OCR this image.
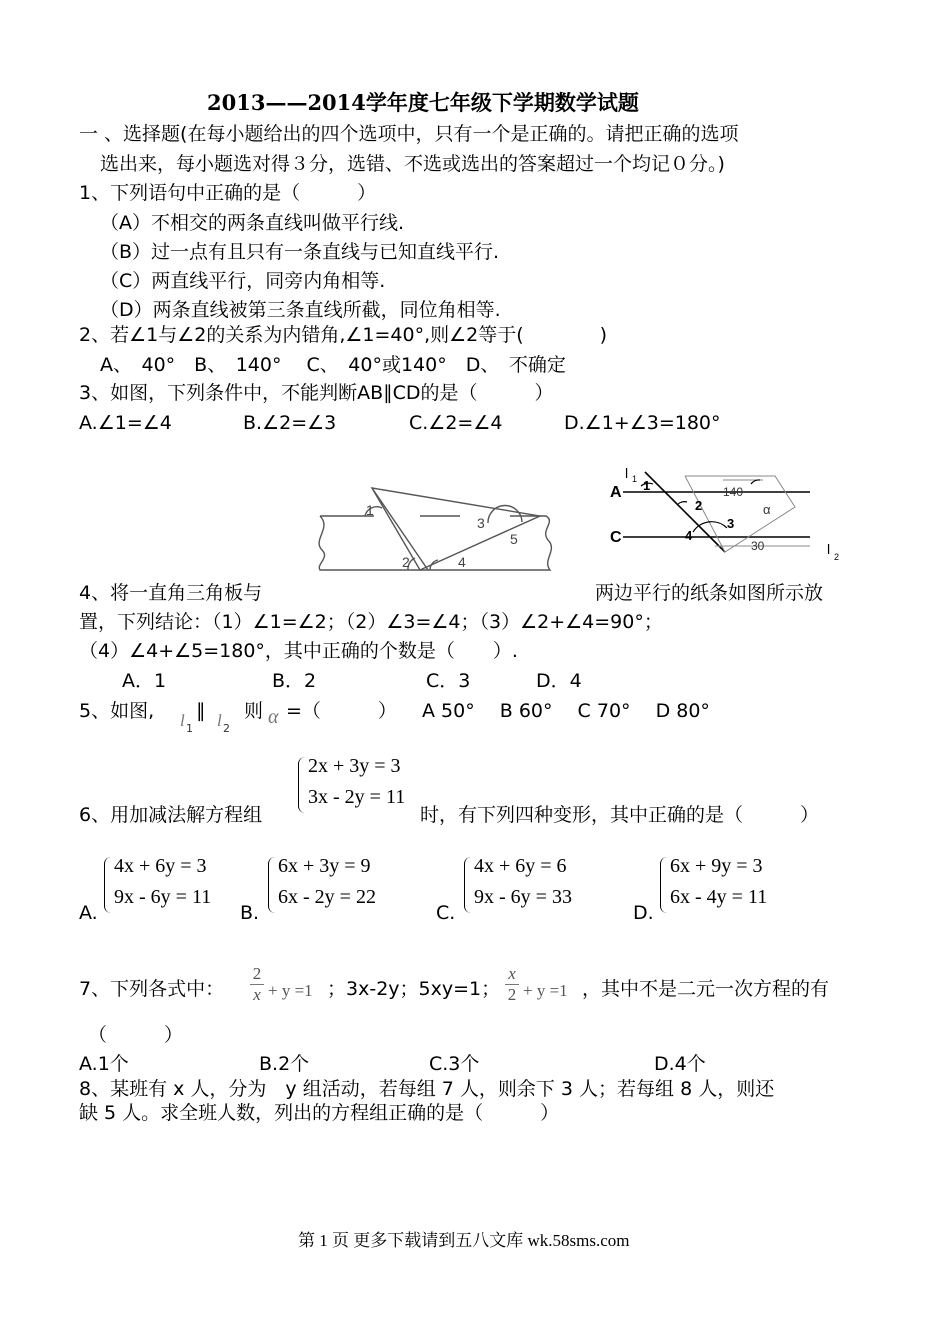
2013——2014学年度七年级下学期数学试题
一 、选择题(在每小题给出的四个选项中，只有一个是正确的。请把正确的选项
选出来，每小题选对得３分，选错、不选或选出的答案超过一个均记０分。)
1、下列语句中正确的是（　　　）
（A）不相交的两条直线叫做平行线.
（B）过一点有且只有一条直线与已知直线平行.
（C）两直线平行，同旁内角相等.
（D）两条直线被第三条直线所截，同位角相等.
2、若∠1与∠2的关系为内错角,∠1=40°,则∠2等于(　　　　)
A、　40°　B、　140°　 C、　40°或140°　D、　不确定
3、如图，下列条件中，不能判断AB∥CD的是（　　　）
A.∠1=∠4	B.∠2=∠3	C.∠2=∠4	D.∠1+∠3=180°
1
2
3
4
5
A
C
l 1
l 2
1
2
3
4
140
30
α
4、将一直角三角板与	两边平行的纸条如图所示放
置，下列结论：（1）∠1=∠2；（2）∠3=∠4；（3）∠2+∠4=90°；
（4）∠4+∠5=180°，其中正确的个数是（　　）.
A．1	B．2	C．3	D．4
5、如图, l 1
∥ l 2
则 α =（　　　） A 50°　 B 60°　 C 70°　 D 80°
2x + 3y = 3
3x - 2y = 11
6、用加减法解方程组	时，有下列四种变形，其中正确的是（　　　）
A.
4x + 6y = 3
9x - 6y = 11
B.
6x + 3y = 9
6x - 2y = 22
C.
4x + 6y = 6
9x - 6y = 33
D.
6x + 9y = 3
6x - 4y = 11
7、下列各式中： $\frac{2}{x} + y =1$ ；3x-2y；5xy=1； $\frac{x}{2} + y =1$ ，其中不是二元一次方程的有
（　　　）
A.1个	B.2个	C.3个	D.4个
8、某班有 x 人，分为　y 组活动，若每组 7 人，则余下 3 人；若每组 8 人，则还
缺 5 人。求全班人数，列出的方程组正确的是（　　　）
第 1 页 更多下载请到五八文库 wk.58sms.com
